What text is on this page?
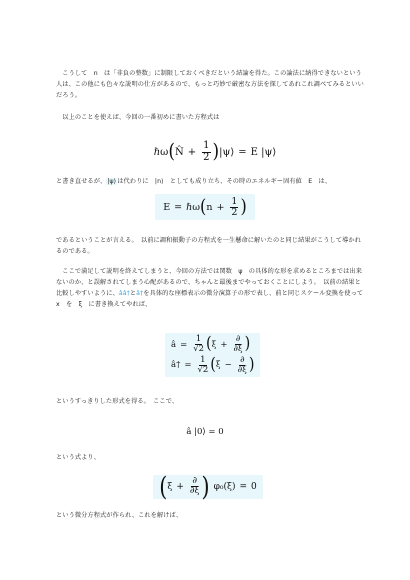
　こうして　n　は「非負の整数」に制限しておくべきだという結論を得た。この論法に納得できないという人は、この他にも色々な説明の仕方があるので、もっと巧妙で厳密な方法を探してあれこれ調べてみるといいだろう。
　以上のことを使えば、今回の一番初めに書いた方程式は
ℏω ( N̂ + $\frac{1}{2}$ ) |ψ⟩ = E |ψ⟩
と書き直せるが、|ψ⟩は代わりに　|n⟩　としても成り立ち、その時のエネルギー固有値　E　は、
E = ℏω ( $n + \frac{1}{2}$ )
であるということが言える。　以前に調和振動子の方程式を一生懸命に解いたのと同じ結果がこうして導かれるのである。
　ここで満足して説明を終えてしまうと、今回の方法では関数　ψ　の具体的な形を求めるところまでは出来ないのか、と誤解されてしまう心配があるので、ちゃんと最後までやっておくことにしよう。　以前の結果と比較しやすいように、ââ†とâ†を具体的な座標表示の微分演算子の形で表し、前と同じスケール変換を使って　x　を　ξ　に書き換えてやれば、
â = $\frac{1}{√2}$ ( $\xi + \frac{\partial}{\partial\xi}$ )
â† = $\frac{1}{√2}$ ( $\xi - \frac{\partial}{\partial\xi}$ )
というすっきりした形式を得る。　ここで、
â |0⟩ = 0
という式より、
( $\xi + \frac{\partial}{\partial\xi}$ ) φ₀(ξ) = 0
という微分方程式が作られ、これを解けば、
